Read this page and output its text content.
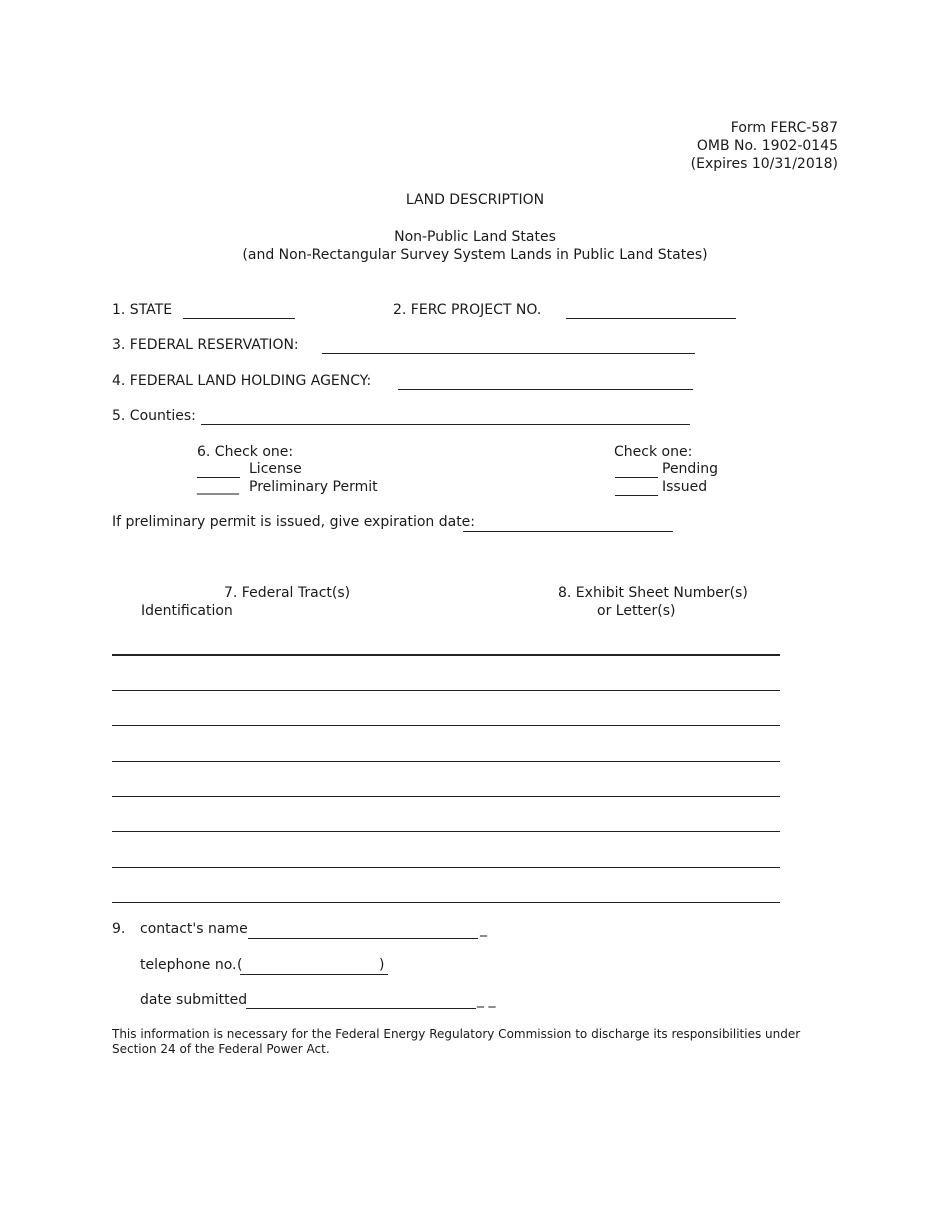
Form FERC-587
OMB No. 1902-0145
(Expires 10/31/2018)
LAND DESCRIPTION
Non-Public Land States
(and Non-Rectangular Survey System Lands in Public Land States)
1. STATE	2. FERC PROJECT NO.
3. FEDERAL RESERVATION:
4. FEDERAL LAND HOLDING AGENCY:
5. Counties:
6. Check one:
License
______ Preliminary Permit
Check one:
Pending
Issued
If preliminary permit is issued, give expiration date:
7. Federal Tract(s)
Identification
8. Exhibit Sheet Number(s)
or Letter(s)
9. contact's name	_
telephone no. (	)
date submitted	_ _
This information is necessary for the Federal Energy Regulatory Commission to discharge its responsibilities under
Section 24 of the Federal Power Act.
